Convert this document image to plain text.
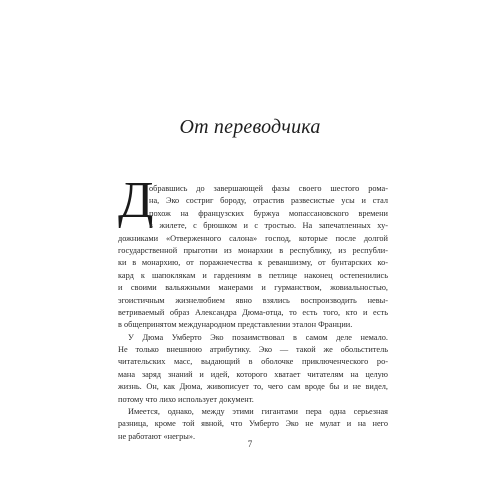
От переводчика
Д
обравшись до завершающей фазы своего шестого рома-
на, Эко состриг бороду, отрастив развесистые усы и стал
похож на французских буржуа мопассановского времени
в жилете, с брюшком и с тростью. На запечатленных ху-
дожниками «Отверженного салона» господ, которые после долгой
государственной прыготни из монархии в республику, из республи-
ки в монархию, от поражнечества к реваншизму, от бунтарских ко-
кард к шапоклякам и гардениям в петлице наконец остепенились
и своими вальяжными манерами и гурманством, жовиальностью,
эгоистичным жизнелюбием явно взялись воспроизводить невы-
ветриваемый образ Александра Дюма-отца, то есть того, кто и есть
в общепринятом международном представлении эталон Франции.
У Дюма Умберто Эко позаимствовал в самом деле немало.
Не только внешнюю атрибутику. Эко — такой же обольститель
читательских масс, выдающий в оболочке приключенческого ро-
мана заряд знаний и идей, которого хватает читателям на целую
жизнь. Он, как Дюма, живописует то, чего сам вроде бы и не видел,
потому что лихо использует документ.
Имеется, однако, между этими гигантами пера одна серьезная
разница, кроме той явной, что Умберто Эко не мулат и на него
не работают «негры».
7
